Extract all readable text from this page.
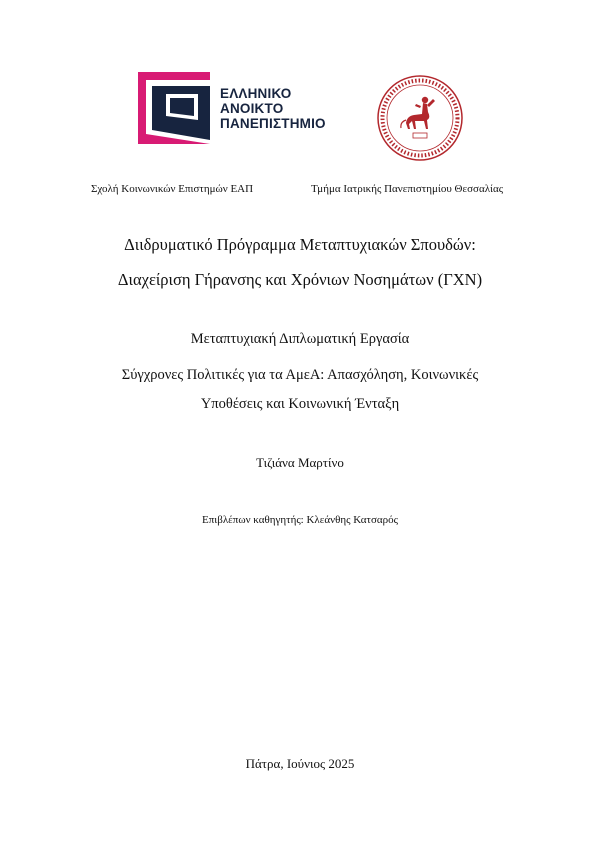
ΕΛΛΗΝΙΚΟ
ΑΝΟΙΚΤΟ
ΠΑΝΕΠΙΣΤΗΜΙΟ
Σχολή Κοινωνικών Επιστημών ΕΑΠ	Τμήμα Ιατρικής Πανεπιστημίου Θεσσαλίας
Διιδρυματικό Πρόγραμμα Μεταπτυχιακών Σπουδών:
Διαχείριση Γήρανσης και Χρόνιων Νοσημάτων (ΓΧΝ)
Μεταπτυχιακή Διπλωματική Εργασία
Σύγχρονες Πολιτικές για τα ΑμεΑ: Απασχόληση, Κοινωνικές
Υποθέσεις και Κοινωνική Ένταξη
Τιζιάνα Μαρτίνο
Επιβλέπων καθηγητής: Κλεάνθης Κατσαρός
Πάτρα, Ιούνιος 2025
